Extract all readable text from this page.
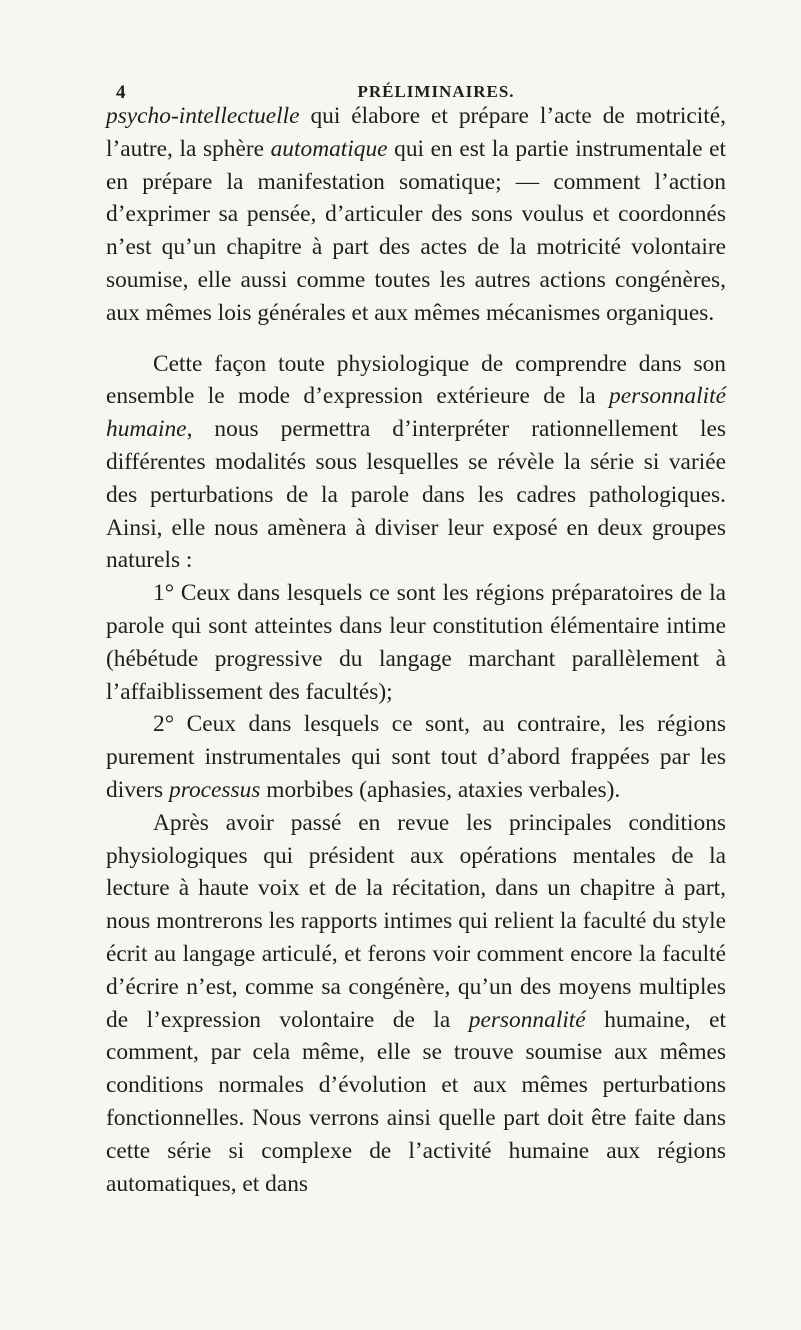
4	PRÉLIMINAIRES.

psycho-intellectuelle qui élabore et prépare l’acte de motricité, l’autre, la sphère automatique qui en est la partie instrumentale et en prépare la manifestation somatique; — comment l’action d’exprimer sa pensée, d’articuler des sons voulus et coordonnés n’est qu’un chapitre à part des actes de la motricité volontaire soumise, elle aussi comme toutes les autres actions congénères, aux mêmes lois générales et aux mêmes mécanismes organiques.

Cette façon toute physiologique de comprendre dans son ensemble le mode d’expression extérieure de la personnalité humaine, nous permettra d’interpréter rationnellement les différentes modalités sous lesquelles se révèle la série si variée des perturbations de la parole dans les cadres pathologiques. Ainsi, elle nous amènera à diviser leur exposé en deux groupes naturels :

1° Ceux dans lesquels ce sont les régions préparatoires de la parole qui sont atteintes dans leur constitution élémentaire intime (hébétude progressive du langage marchant parallèlement à l’affaiblissement des facultés);

2° Ceux dans lesquels ce sont, au contraire, les régions purement instrumentales qui sont tout d’abord frappées par les divers processus morbibes (aphasies, ataxies verbales).

Après avoir passé en revue les principales conditions physiologiques qui président aux opérations mentales de la lecture à haute voix et de la récitation, dans un chapitre à part, nous montrerons les rapports intimes qui relient la faculté du style écrit au langage articulé, et ferons voir comment encore la faculté d’écrire n’est, comme sa congénère, qu’un des moyens multiples de l’expression volontaire de la personnalité humaine, et comment, par cela même, elle se trouve soumise aux mêmes conditions normales d’évolution et aux mêmes perturbations fonctionnelles. Nous verrons ainsi quelle part doit être faite dans cette série si complexe de l’activité humaine aux régions automatiques, et dans
